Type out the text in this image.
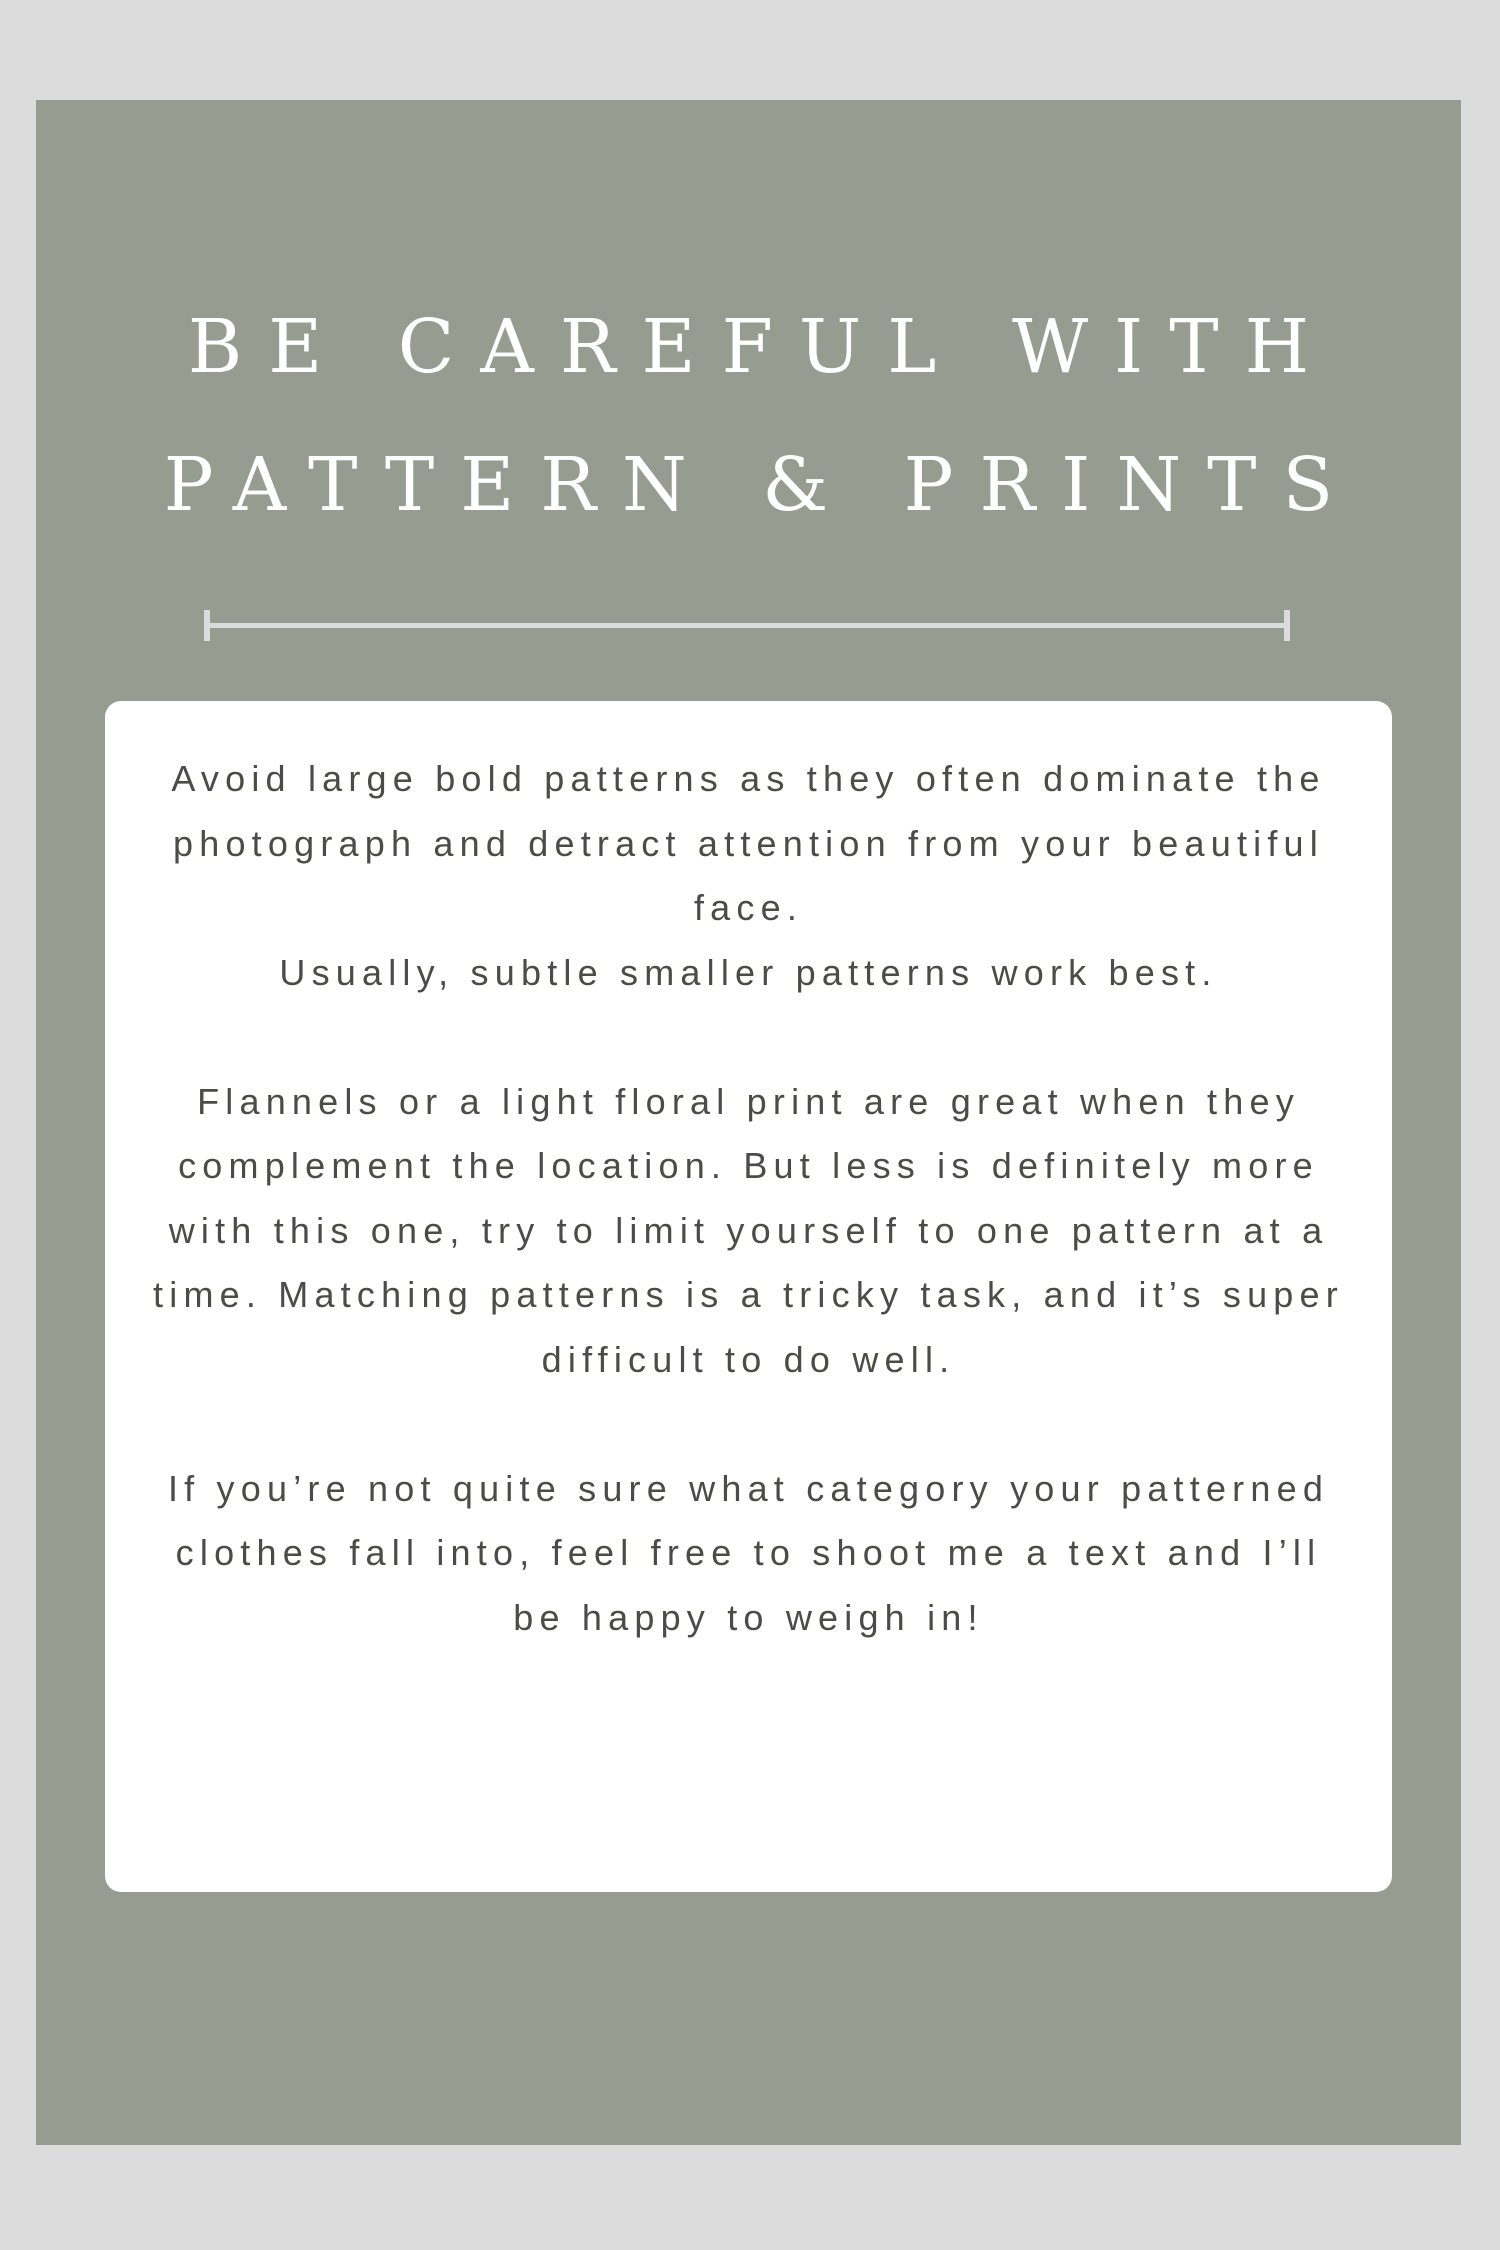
BE CAREFUL WITH
PATTERN & PRINTS

Avoid large bold patterns as they often dominate the photograph and detract attention from your beautiful face.

Usually, subtle smaller patterns work best.

Flannels or a light floral print are great when they complement the location. But less is definitely more with this one, try to limit yourself to one pattern at a time. Matching patterns is a tricky task, and it’s super difficult to do well.

If you’re not quite sure what category your patterned clothes fall into, feel free to shoot me a text and I’ll be happy to weigh in!
